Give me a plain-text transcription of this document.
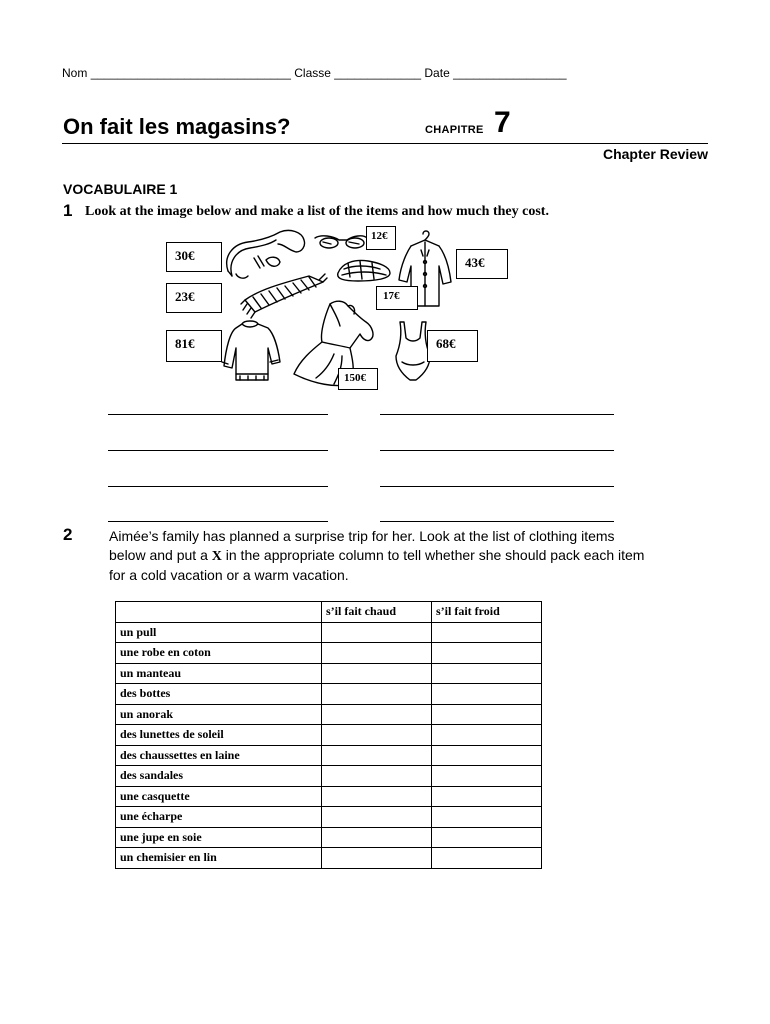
Nom ______________________________ Classe _____________ Date _________________
On fait les magasins?	CHAPITRE 7
Chapter Review
VOCABULAIRE 1
1 Look at the image below and make a list of the items and how much they cost.
30€
23€
81€
12€
17€
150€
43€
68€
2	Aimée’s family has planned a surprise trip for her. Look at the list of clothing items below and put a X in the appropriate column to tell whether she should pack each item for a cold vacation or a warm vacation.
	s’il fait chaud	s’il fait froid
un pull		
une robe en coton		
un manteau		
des bottes		
un anorak		
des lunettes de soleil		
des chaussettes en laine		
des sandales		
une casquette		
une écharpe		
une jupe en soie		
un chemisier en lin		
